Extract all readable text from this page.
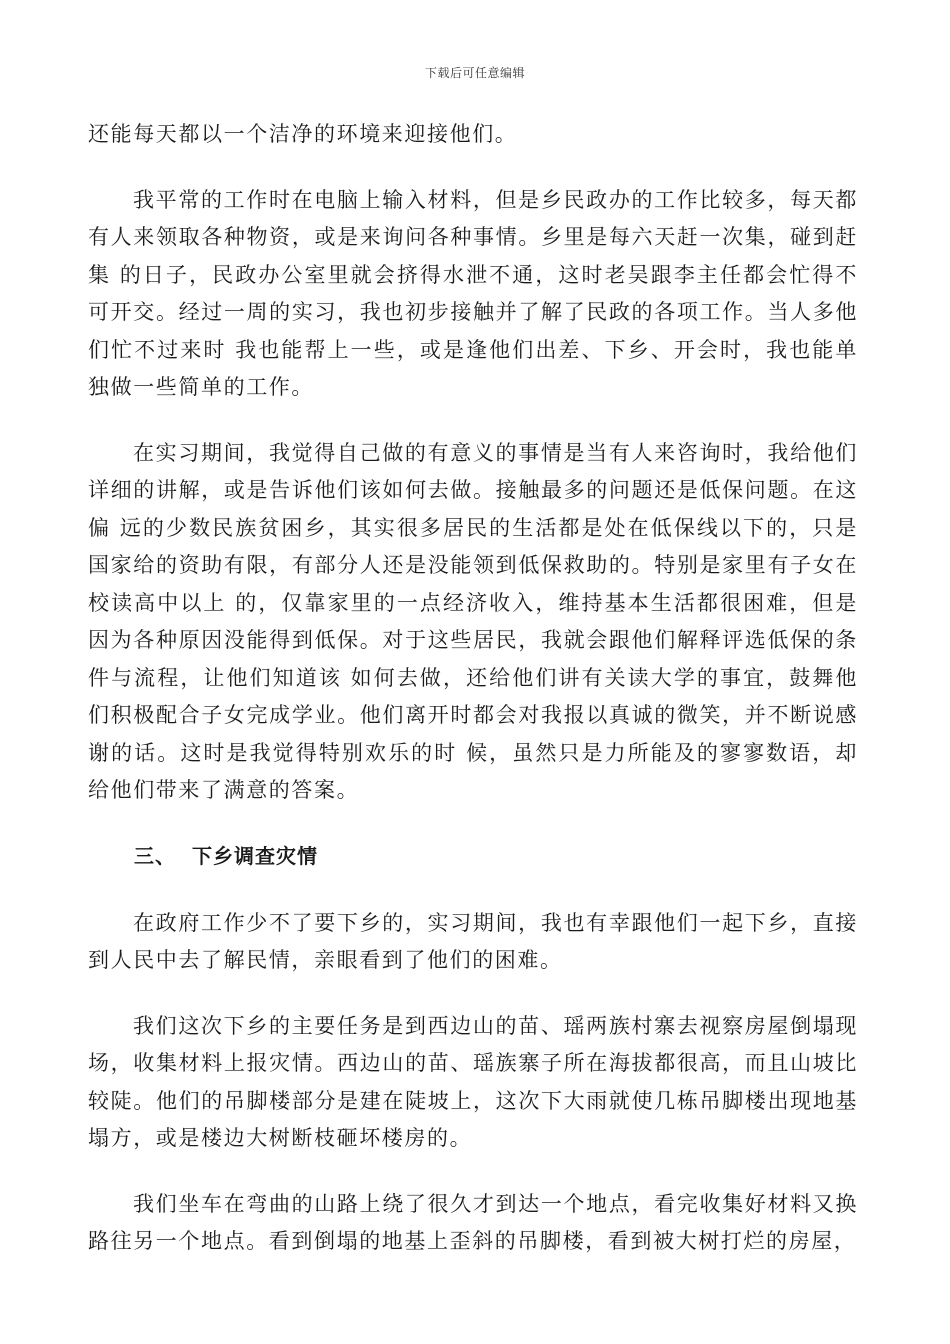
下载后可任意编辑

还能每天都以一个洁净的环境来迎接他们。

我平常的工作时在电脑上输入材料，但是乡民政办的工作比较多，每天都有人来领取各种物资，或是来询问各种事情。乡里是每六天赶一次集，碰到赶集 的日子，民政办公室里就会挤得水泄不通，这时老吴跟李主任都会忙得不可开交。经过一周的实习，我也初步接触并了解了民政的各项工作。当人多他们忙不过来时 我也能帮上一些，或是逢他们出差、下乡、开会时，我也能单独做一些简单的工作。

在实习期间，我觉得自己做的有意义的事情是当有人来咨询时，我给他们详细的讲解，或是告诉他们该如何去做。接触最多的问题还是低保问题。在这偏 远的少数民族贫困乡，其实很多居民的生活都是处在低保线以下的，只是国家给的资助有限，有部分人还是没能领到低保救助的。特别是家里有子女在校读高中以上 的，仅靠家里的一点经济收入，维持基本生活都很困难，但是因为各种原因没能得到低保。对于这些居民，我就会跟他们解释评选低保的条件与流程，让他们知道该 如何去做，还给他们讲有关读大学的事宜，鼓舞他们积极配合子女完成学业。他们离开时都会对我报以真诚的微笑，并不断说感谢的话。这时是我觉得特别欢乐的时 候，虽然只是力所能及的寥寥数语，却给他们带来了满意的答案。

三、 下乡调查灾情

在政府工作少不了要下乡的，实习期间，我也有幸跟他们一起下乡，直接到人民中去了解民情，亲眼看到了他们的困难。

我们这次下乡的主要任务是到西边山的苗、瑶两族村寨去视察房屋倒塌现场，收集材料上报灾情。西边山的苗、瑶族寨子所在海拔都很高，而且山坡比较陡。他们的吊脚楼部分是建在陡坡上，这次下大雨就使几栋吊脚楼出现地基塌方，或是楼边大树断枝砸坏楼房的。

我们坐车在弯曲的山路上绕了很久才到达一个地点，看完收集好材料又换路往另一个地点。看到倒塌的地基上歪斜的吊脚楼，看到被大树打烂的房屋，
